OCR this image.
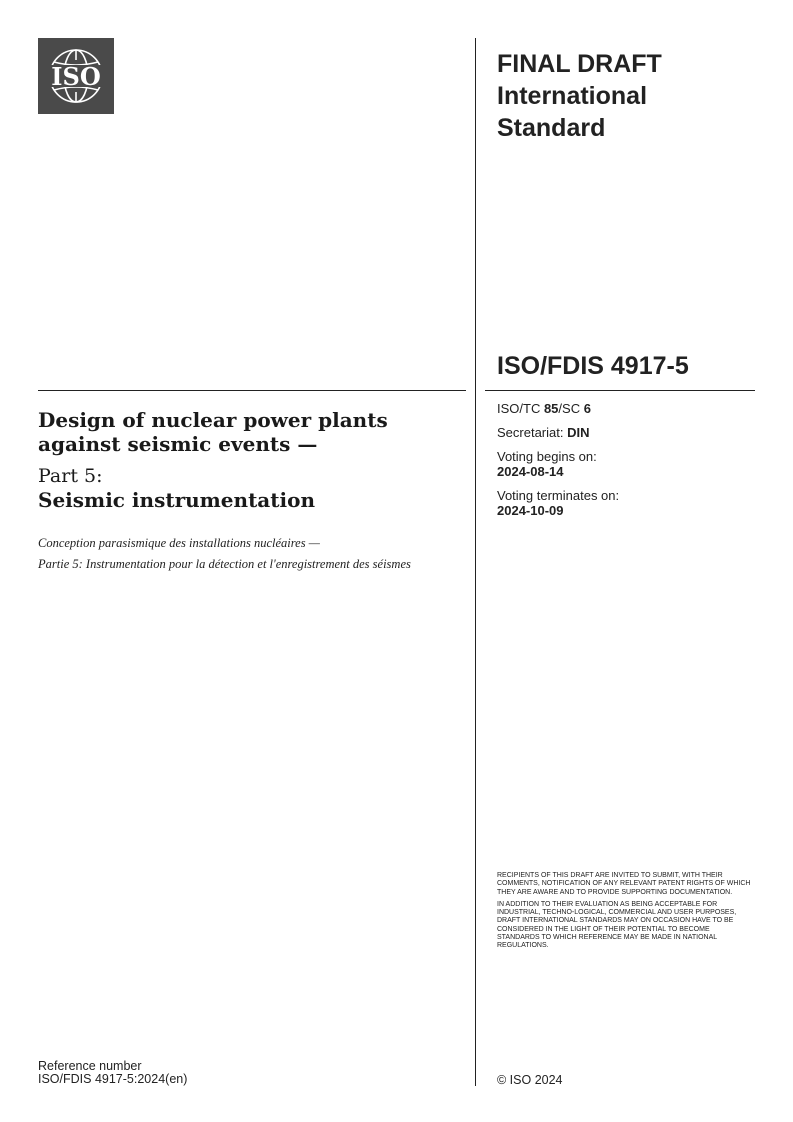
ISO	FINAL DRAFT
International
Standard
ISO/FDIS 4917-5
Design of nuclear power plants
against seismic events —
Part 5:
Seismic instrumentation
Conception parasismique des installations nucléaires —
Partie 5: Instrumentation pour la détection et l'enregistrement des séismes
ISO/TC 85/SC 6
Secretariat: DIN
Voting begins on:
2024-08-14
Voting terminates on:
2024-10-09

RECIPIENTS OF THIS DRAFT ARE INVITED TO SUBMIT, WITH THEIR COMMENTS, NOTIFICATION OF ANY RELEVANT PATENT RIGHTS OF WHICH THEY ARE AWARE AND TO PROVIDE SUPPORTING DOCUMENTATION.

IN ADDITION TO THEIR EVALUATION AS BEING ACCEPTABLE FOR INDUSTRIAL, TECHNO-LOGICAL, COMMERCIAL AND USER PURPOSES, DRAFT INTERNATIONAL STANDARDS MAY ON OCCASION HAVE TO BE CONSIDERED IN THE LIGHT OF THEIR POTENTIAL TO BECOME STANDARDS TO WHICH REFERENCE MAY BE MADE IN NATIONAL REGULATIONS.

Reference number
ISO/FDIS 4917-5:2024(en)	© ISO 2024
